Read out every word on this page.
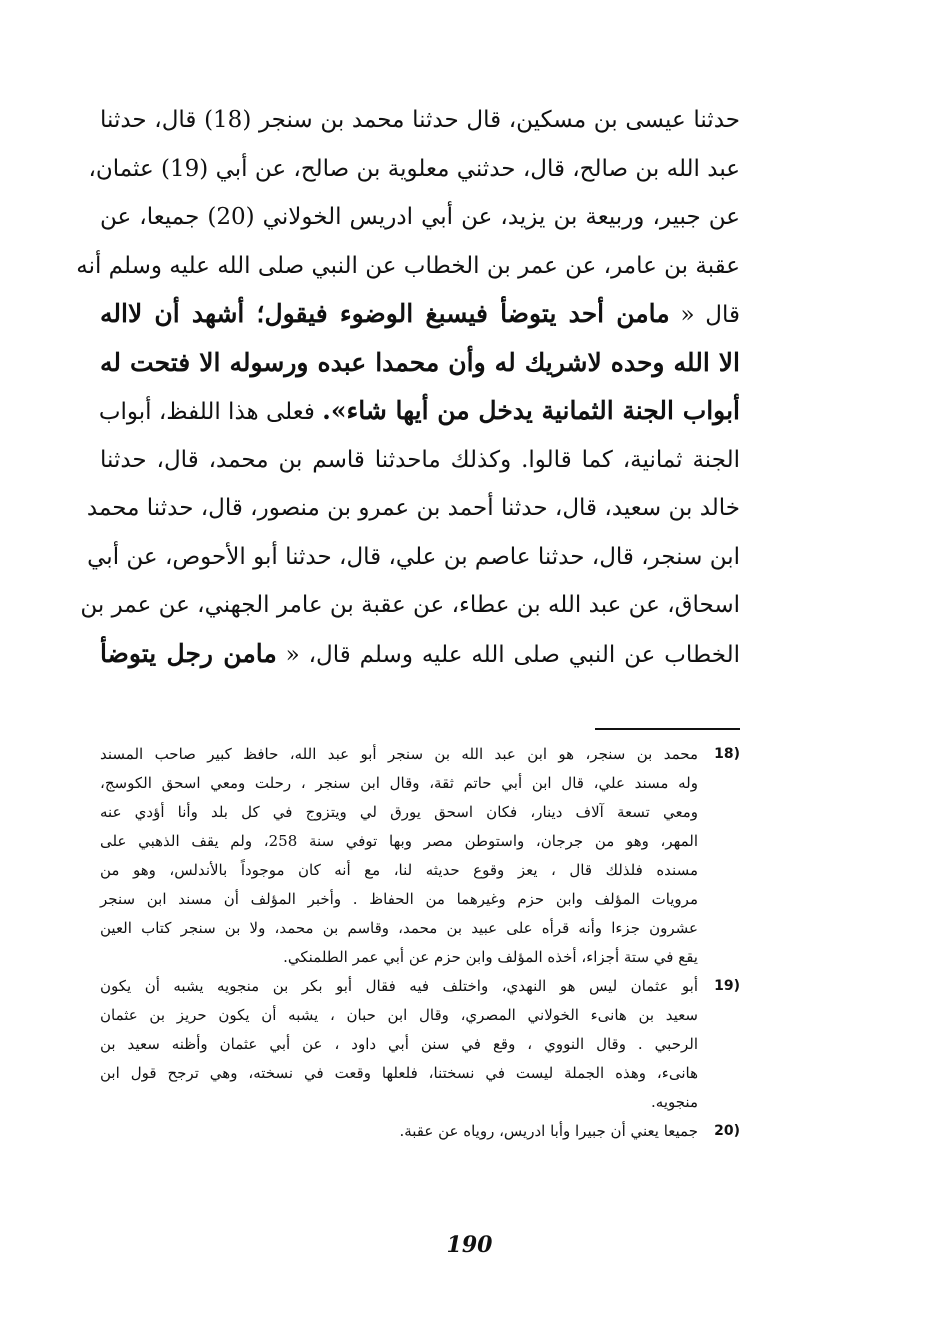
حدثنا عيسى بن مسكين، قال حدثنا محمد بن سنجر (18) قال، حدثنا
عبد الله بن صالح، قال، حدثني معلوية بن صالح، عن أبي (19) عثمان،
عن جبير، وربيعة بن يزيد، عن أبي ادريس الخولاني (20) جميعا، عن
عقبة بن عامر، عن عمر بن الخطاب عن النبي صلى الله عليه وسلم أنه
قال « مامن أحد يتوضأ فيسبغ الوضوء فيقول؛ أشهد أن لااله
الا الله وحده لاشريك له وأن محمدا عبده ورسوله الا فتحت له
أبواب الجنة الثمانية يدخل من أيها شاء». فعلى هذا اللفظ، أبواب
الجنة ثمانية، كما قالوا. وكذلك ماحدثنا قاسم بن محمد، قال، حدثنا
خالد بن سعيد، قال، حدثنا أحمد بن عمرو بن منصور، قال، حدثنا محمد
ابن سنجر، قال، حدثنا عاصم بن علي، قال، حدثنا أبو الأحوص، عن أبي
اسحاق، عن عبد الله بن عطاء، عن عقبة بن عامر الجهني، عن عمر بن
الخطاب عن النبي صلى الله عليه وسلم قال، « مامن رجل يتوضأ
18)
محمد بن سنجر، هو ابن عبد الله بن سنجر أبو عبد الله، حافظ كبير صاحب المسند
وله مسند علي، قال ابن أبي حاتم ثقة، وقال ابن سنجر ، رحلت ومعي اسحق الكوسج،
ومعي تسعة آلاف دينار، فكان اسحق يورق لي ويتزوج في كل بلد وأنا أؤدي عنه
المهر، وهو من جرجان، واستوطن مصر وبها توفي سنة 258، ولم يقف الذهبي على
مسنده فلذلك قال ، يعز وقوع حديثه لنا، مع أنه كان موجوداً بالأندلس، وهو من
مرويات المؤلف وابن حزم وغيرهما من الحفاظ . وأخبر المؤلف أن مسند ابن سنجر
عشرون جزءا وأنه قرأه على عبيد بن محمد، وقاسم بن محمد، ولا بن سنجر كتاب العين
يقع في ستة أجزاء، أخذه المؤلف وابن حزم عن أبي عمر الطلمنكي.
19)
أبو عثمان ليس هو النهدي، واختلف فيه فقال أبو بكر بن منجويه يشبه أن يكون
سعيد بن هانىء الخولاني المصري، وقال ابن حبان ، يشبه أن يكون حريز بن عثمان
الرحبي . وقال النووي ، وقع في سنن أبي داود ، عن أبي عثمان وأظنه سعيد بن
هانىء، وهذه الجملة ليست في نسختنا، فلعلها وقعت في نسخته، وهي ترجح قول ابن
منجويه.
20)
جميعا يعني أن جبيرا وأبا ادريس، روياه عن عقبة.
190
